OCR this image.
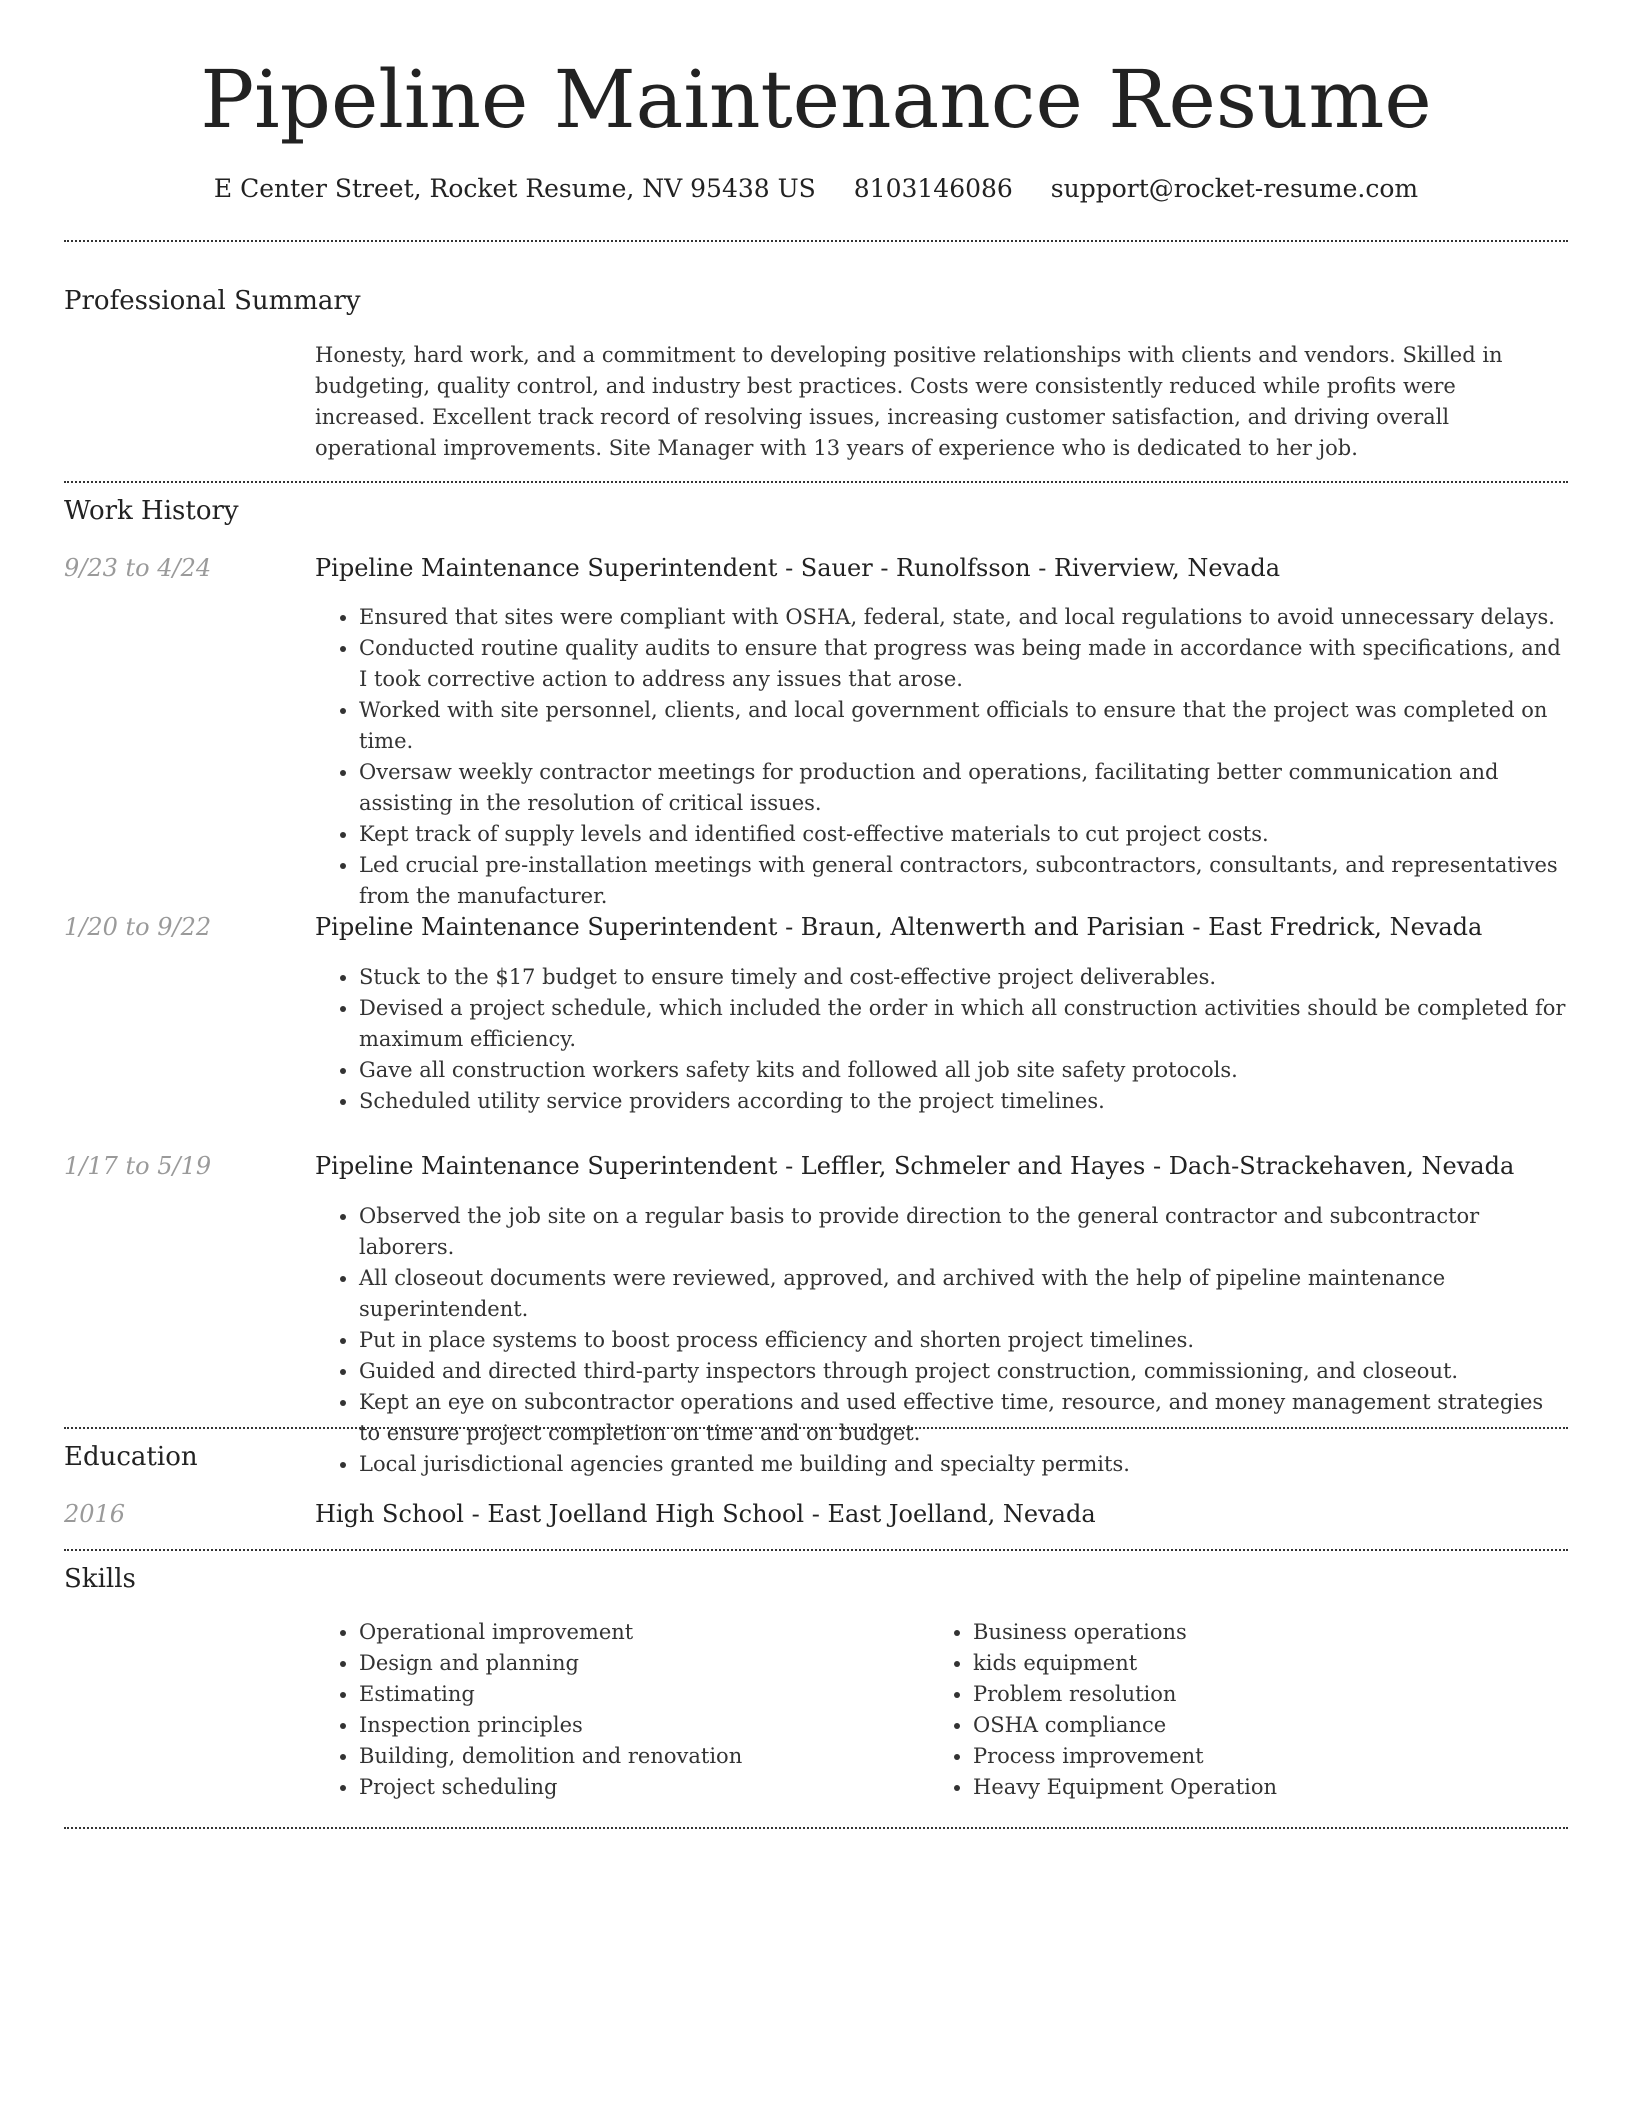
Pipeline Maintenance Resume
E Center Street, Rocket Resume, NV 95438 US 8103146086 support@rocket-resume.com
Professional Summary

Honesty, hard work, and a commitment to developing positive relationships with clients and vendors. Skilled in budgeting, quality control, and industry best practices. Costs were consistently reduced while profits were increased. Excellent track record of resolving issues, increasing customer satisfaction, and driving overall operational improvements. Site Manager with 13 years of experience who is dedicated to her job.

Work History
9/23 to 4/24	Pipeline Maintenance Superintendent - Sauer - Runolfsson - Riverview, Nevada
• Ensured that sites were compliant with OSHA, federal, state, and local regulations to avoid unnecessary delays.
• Conducted routine quality audits to ensure that progress was being made in accordance with specifications, and I took corrective action to address any issues that arose.
• Worked with site personnel, clients, and local government officials to ensure that the project was completed on time.
• Oversaw weekly contractor meetings for production and operations, facilitating better communication and assisting in the resolution of critical issues.
• Kept track of supply levels and identified cost-effective materials to cut project costs.
• Led crucial pre-installation meetings with general contractors, subcontractors, consultants, and representatives from the manufacturer.
1/20 to 9/22	Pipeline Maintenance Superintendent - Braun, Altenwerth and Parisian - East Fredrick, Nevada
• Stuck to the $17 budget to ensure timely and cost-effective project deliverables.
• Devised a project schedule, which included the order in which all construction activities should be completed for maximum efficiency.
• Gave all construction workers safety kits and followed all job site safety protocols.
• Scheduled utility service providers according to the project timelines.
1/17 to 5/19	Pipeline Maintenance Superintendent - Leffler, Schmeler and Hayes - Dach-Strackehaven, Nevada
• Observed the job site on a regular basis to provide direction to the general contractor and subcontractor laborers.
• All closeout documents were reviewed, approved, and archived with the help of pipeline maintenance superintendent.
• Put in place systems to boost process efficiency and shorten project timelines.
• Guided and directed third-party inspectors through project construction, commissioning, and closeout.
• Kept an eye on subcontractor operations and used effective time, resource, and money management strategies to ensure project completion on time and on budget.
• Local jurisdictional agencies granted me building and specialty permits.
Education
2016	High School - East Joelland High School - East Joelland, Nevada
Skills
• Operational improvement
• Design and planning
• Estimating
• Inspection principles
• Building, demolition and renovation
• Project scheduling
• Business operations
• kids equipment
• Problem resolution
• OSHA compliance
• Process improvement
• Heavy Equipment Operation
